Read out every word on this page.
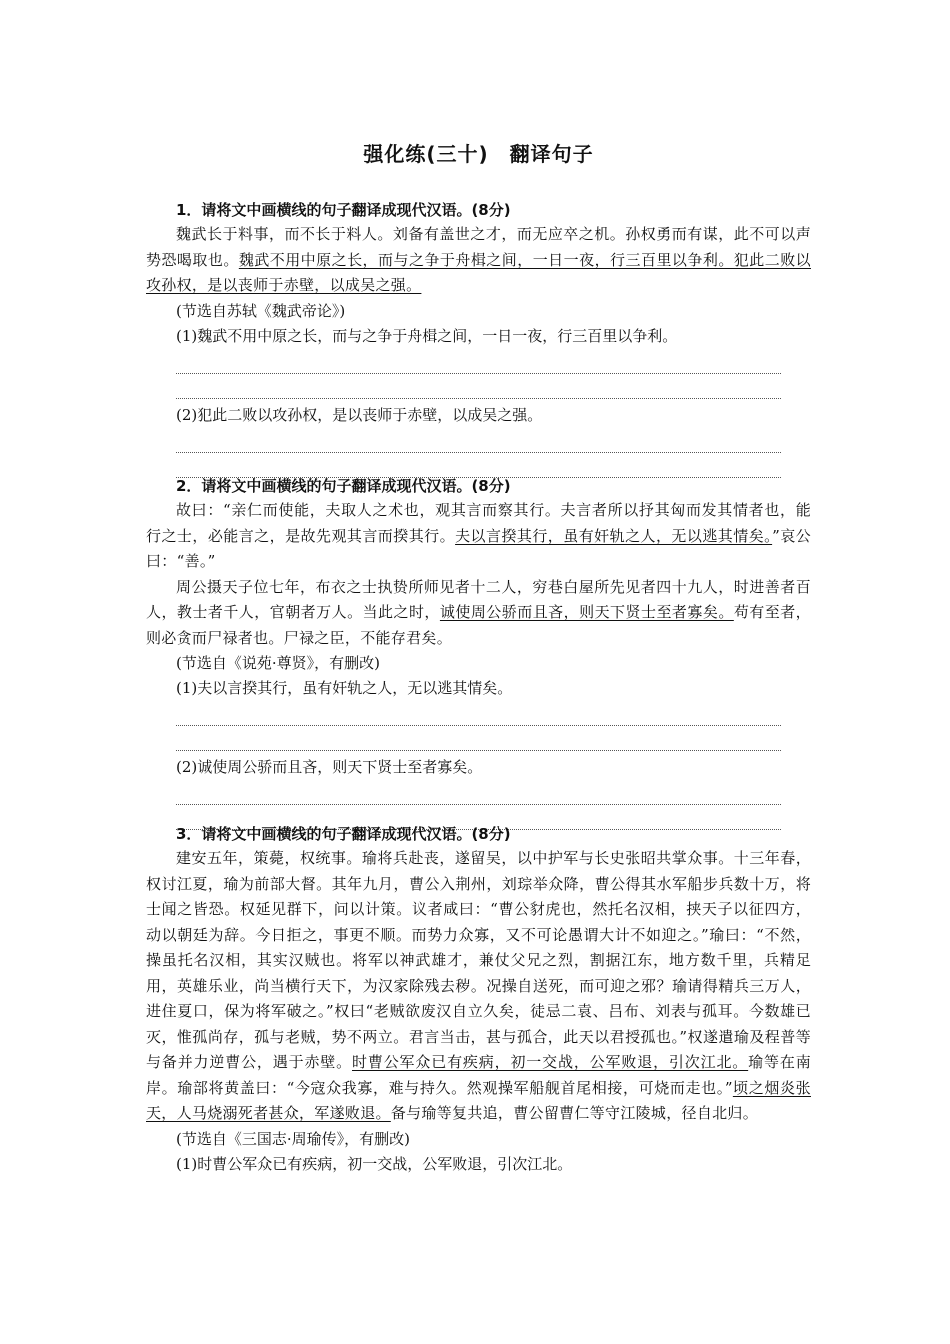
强化练(三十)　翻译句子

1．请将文中画横线的句子翻译成现代汉语。(8分)

魏武长于料事，而不长于料人。刘备有盖世之才，而无应卒之机。孙权勇而有谋，此不可以声势恐喝取也。魏武不用中原之长，而与之争于舟楫之间，一日一夜，行三百里以争利。犯此二败以攻孙权，是以丧师于赤壁，以成吴之强。

(节选自苏轼《魏武帝论》)

(1)魏武不用中原之长，而与之争于舟楫之间，一日一夜，行三百里以争利。

(2)犯此二败以攻孙权，是以丧师于赤壁，以成吴之强。

2．请将文中画横线的句子翻译成现代汉语。(8分)

故曰：“亲仁而使能，夫取人之术也，观其言而察其行。夫言者所以抒其匈而发其情者也，能行之士，必能言之，是故先观其言而揆其行。夫以言揆其行，虽有奸轨之人，无以逃其情矣。”哀公曰：“善。”

周公摄天子位七年，布衣之士执贽所师见者十二人，穷巷白屋所先见者四十九人，时进善者百人，教士者千人，官朝者万人。当此之时，诚使周公骄而且吝，则天下贤士至者寡矣。苟有至者，则必贪而尸禄者也。尸禄之臣，不能存君矣。

(节选自《说苑·尊贤》，有删改)

(1)夫以言揆其行，虽有奸轨之人，无以逃其情矣。

(2)诚使周公骄而且吝，则天下贤士至者寡矣。

3．请将文中画横线的句子翻译成现代汉语。(8分)

建安五年，策薨，权统事。瑜将兵赴丧，遂留吴，以中护军与长史张昭共掌众事。十三年春，权讨江夏，瑜为前部大督。其年九月，曹公入荆州，刘琮举众降，曹公得其水军船步兵数十万，将士闻之皆恐。权延见群下，问以计策。议者咸曰：“曹公豺虎也，然托名汉相，挟天子以征四方，动以朝廷为辞。今日拒之，事更不顺。而势力众寡，又不可论愚谓大计不如迎之。”瑜曰：“不然，操虽托名汉相，其实汉贼也。将军以神武雄才，兼仗父兄之烈，割据江东，地方数千里，兵精足用，英雄乐业，尚当横行天下，为汉家除残去秽。况操自送死，而可迎之邪？瑜请得精兵三万人，进住夏口，保为将军破之。”权曰“老贼欲废汉自立久矣，徒忌二袁、吕布、刘表与孤耳。今数雄已灭，惟孤尚存，孤与老贼，势不两立。君言当击，甚与孤合，此天以君授孤也。”权遂遣瑜及程普等与备并力逆曹公，遇于赤壁。时曹公军众已有疾病，初一交战，公军败退，引次江北。瑜等在南岸。瑜部将黄盖曰：“今寇众我寡，难与持久。然观操军船舰首尾相接，可烧而走也。”顷之烟炎张天，人马烧溺死者甚众，军遂败退。备与瑜等复共追，曹公留曹仁等守江陵城，径自北归。

(节选自《三国志·周瑜传》，有删改)

(1)时曹公军众已有疾病，初一交战，公军败退，引次江北。
